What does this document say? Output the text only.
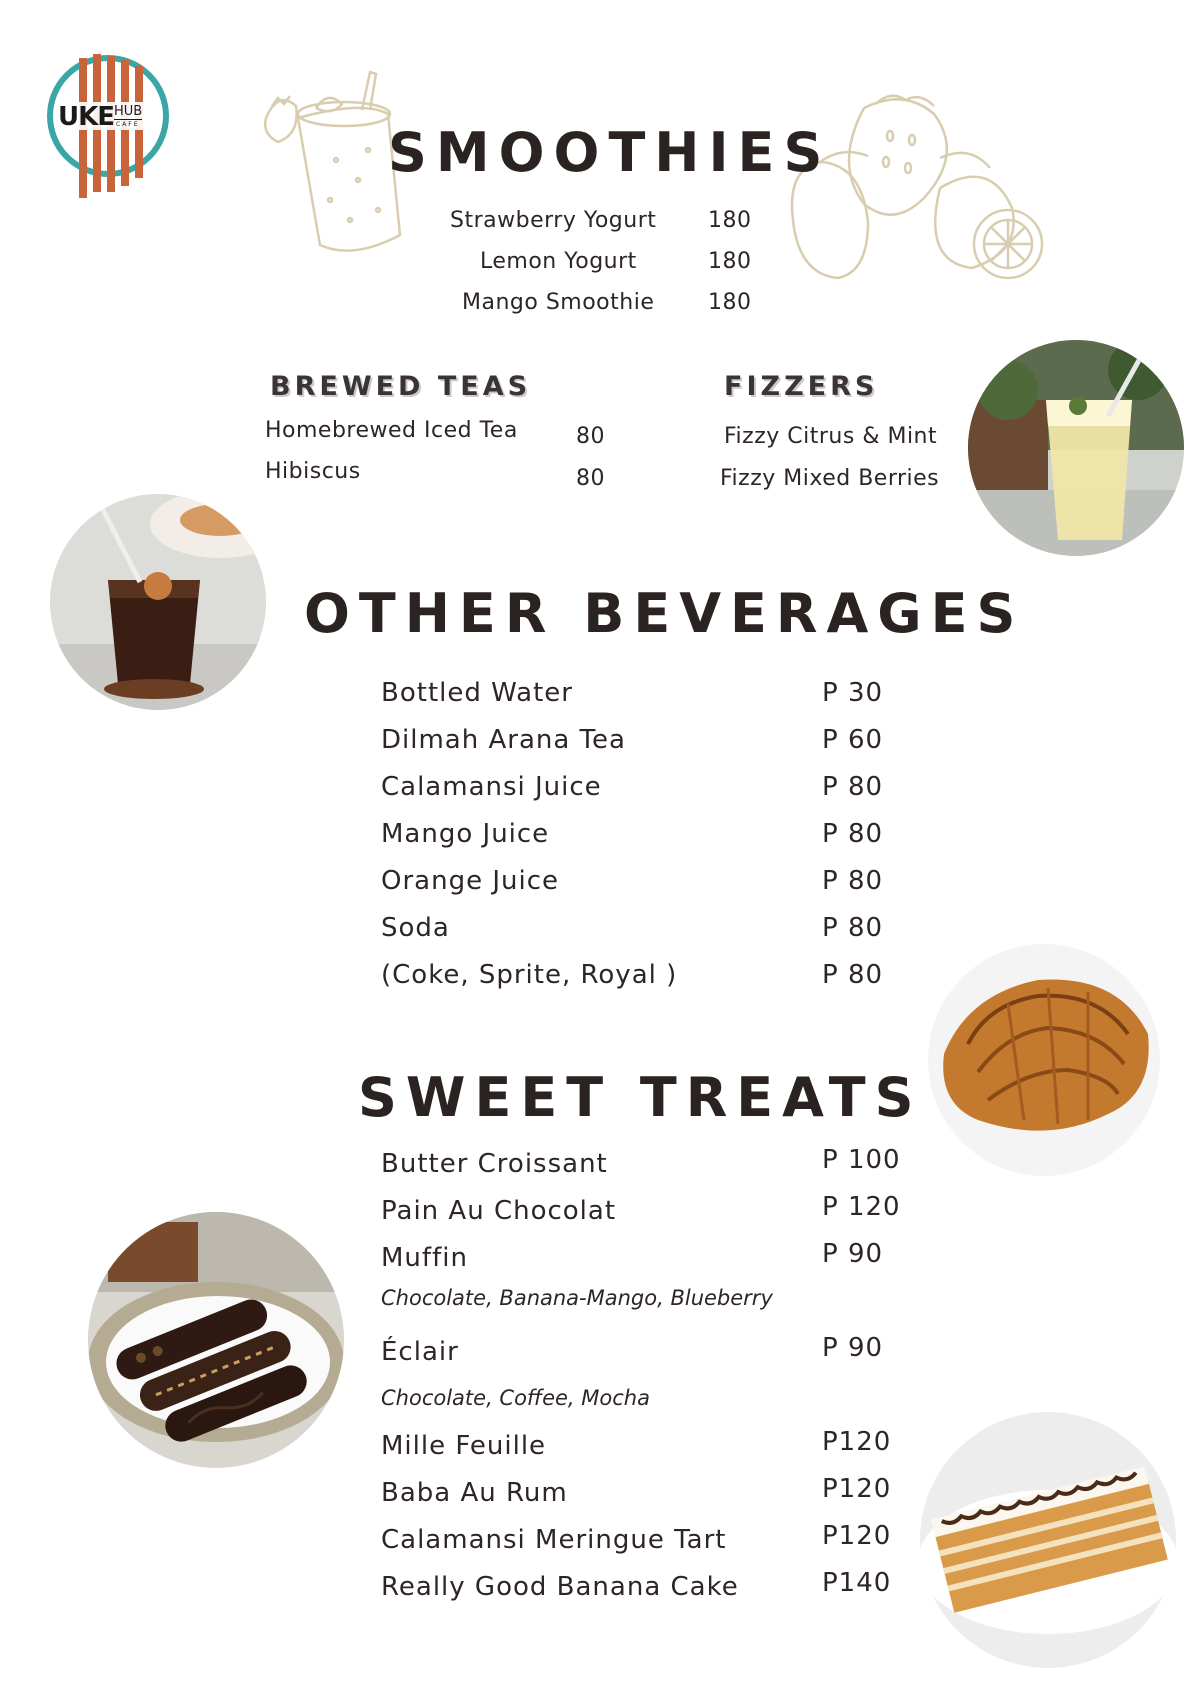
UKE HUB
CAFE	SMOOTHIES
Strawberry Yogurt 180
Lemon Yogurt	180
Mango Smoothie 180
BREWED TEAS
Homebrewed Iced Tea	80
Hibiscus	80
FIZZERS
Fizzy Citrus & Mint
Fizzy Mixed Berries
OTHER BEVERAGES
Bottled Water	P 30
Dilmah Arana Tea	P 60
Calamansi Juice	P 80
Mango Juice	P 80
Orange Juice	P 80
Soda	P 80
(Coke, Sprite, Royal )	P 80
SWEET TREATS
Butter Croissant	P 100
Pain Au Chocolat	P 120
Muffin	P 90
Chocolate, Banana-Mango, Blueberry
Éclair	P 90
Chocolate, Coffee, Mocha
Mille Feuille	P120
Baba Au Rum	P120
Calamansi Meringue Tart	P120
Really Good Banana Cake	P140
